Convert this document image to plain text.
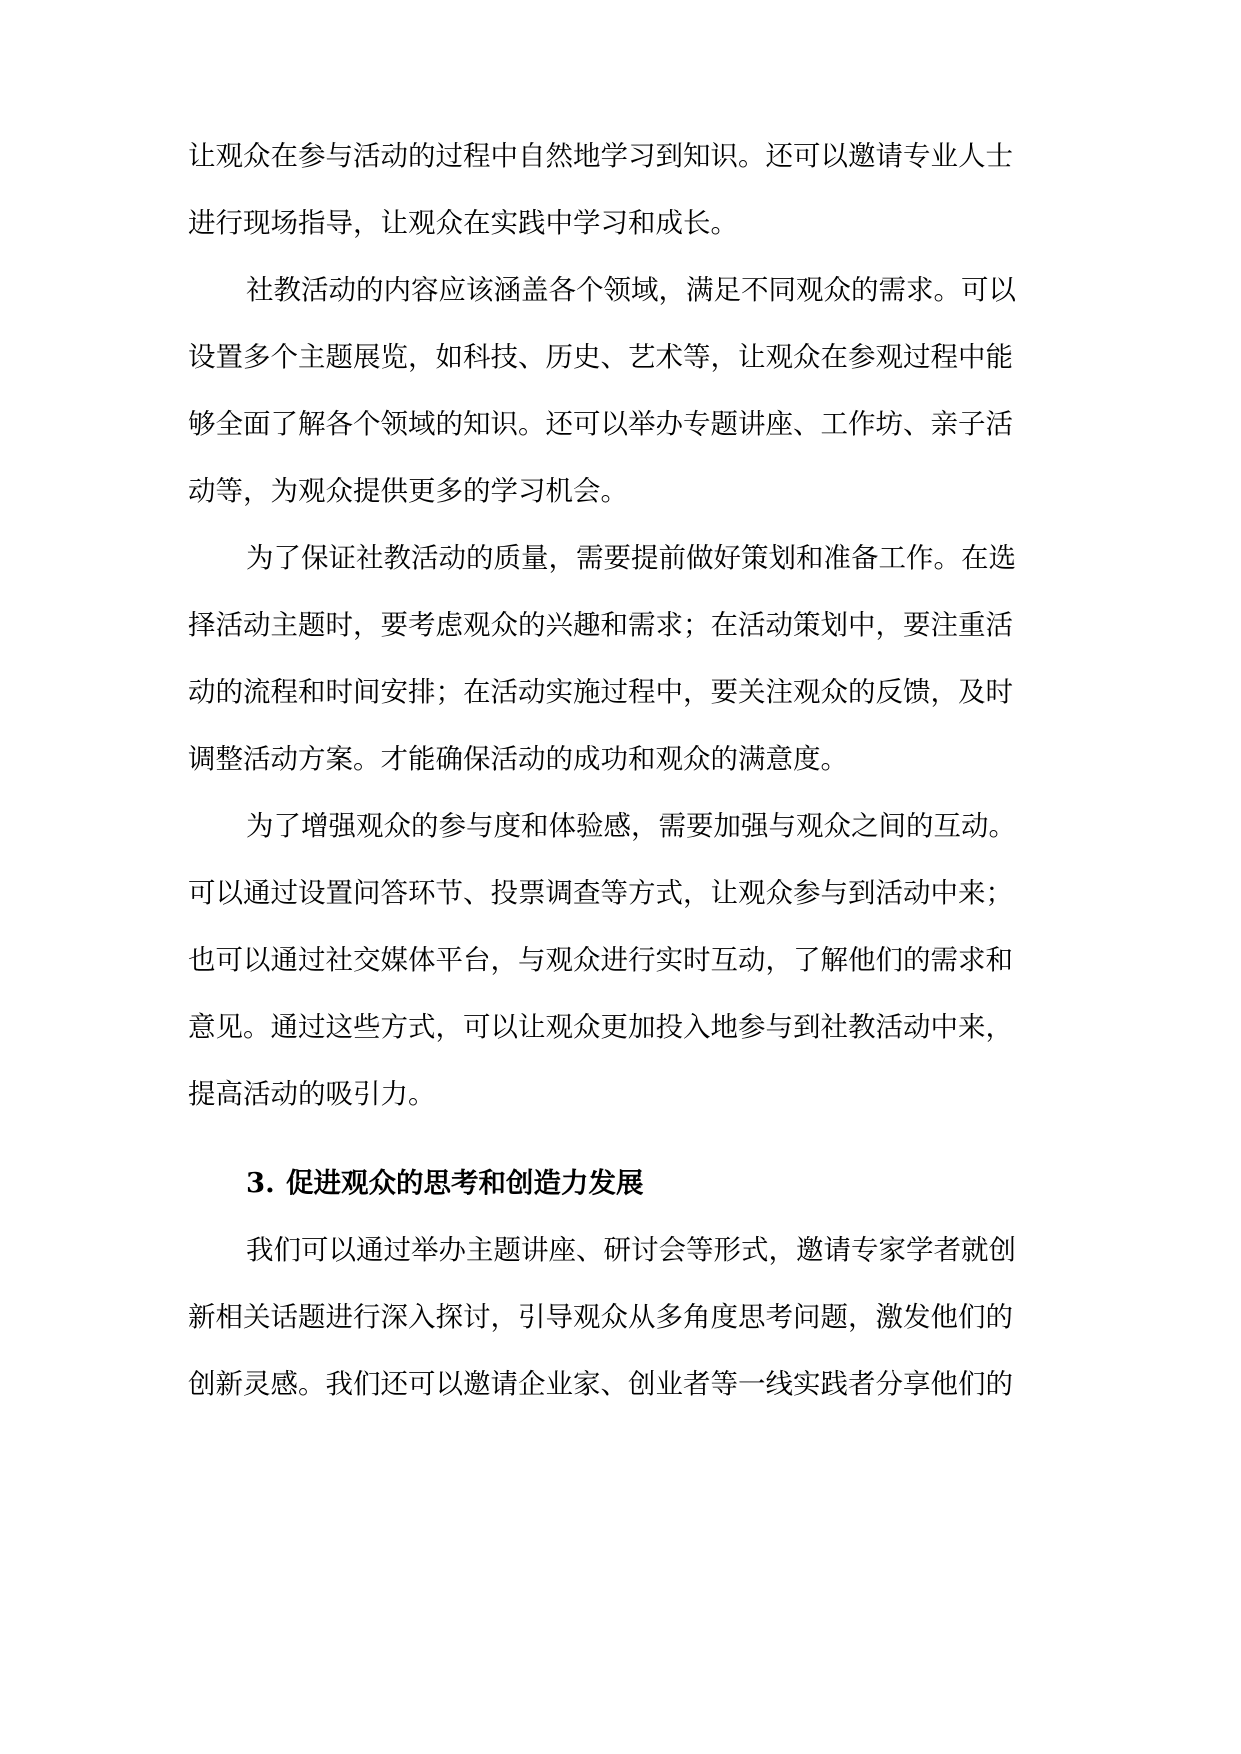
让观众在参与活动的过程中自然地学习到知识。还可以邀请专业人士
进行现场指导，让观众在实践中学习和成长。
社教活动的内容应该涵盖各个领域，满足不同观众的需求。可以
设置多个主题展览，如科技、历史、艺术等，让观众在参观过程中能
够全面了解各个领域的知识。还可以举办专题讲座、工作坊、亲子活
动等，为观众提供更多的学习机会。
为了保证社教活动的质量，需要提前做好策划和准备工作。在选
择活动主题时，要考虑观众的兴趣和需求；在活动策划中，要注重活
动的流程和时间安排；在活动实施过程中，要关注观众的反馈，及时
调整活动方案。才能确保活动的成功和观众的满意度。
为了增强观众的参与度和体验感，需要加强与观众之间的互动。
可以通过设置问答环节、投票调查等方式，让观众参与到活动中来；
也可以通过社交媒体平台，与观众进行实时互动，了解他们的需求和
意见。通过这些方式，可以让观众更加投入地参与到社教活动中来，
提高活动的吸引力。
3. 促进观众的思考和创造力发展
我们可以通过举办主题讲座、研讨会等形式，邀请专家学者就创
新相关话题进行深入探讨，引导观众从多角度思考问题，激发他们的
创新灵感。我们还可以邀请企业家、创业者等一线实践者分享他们的
